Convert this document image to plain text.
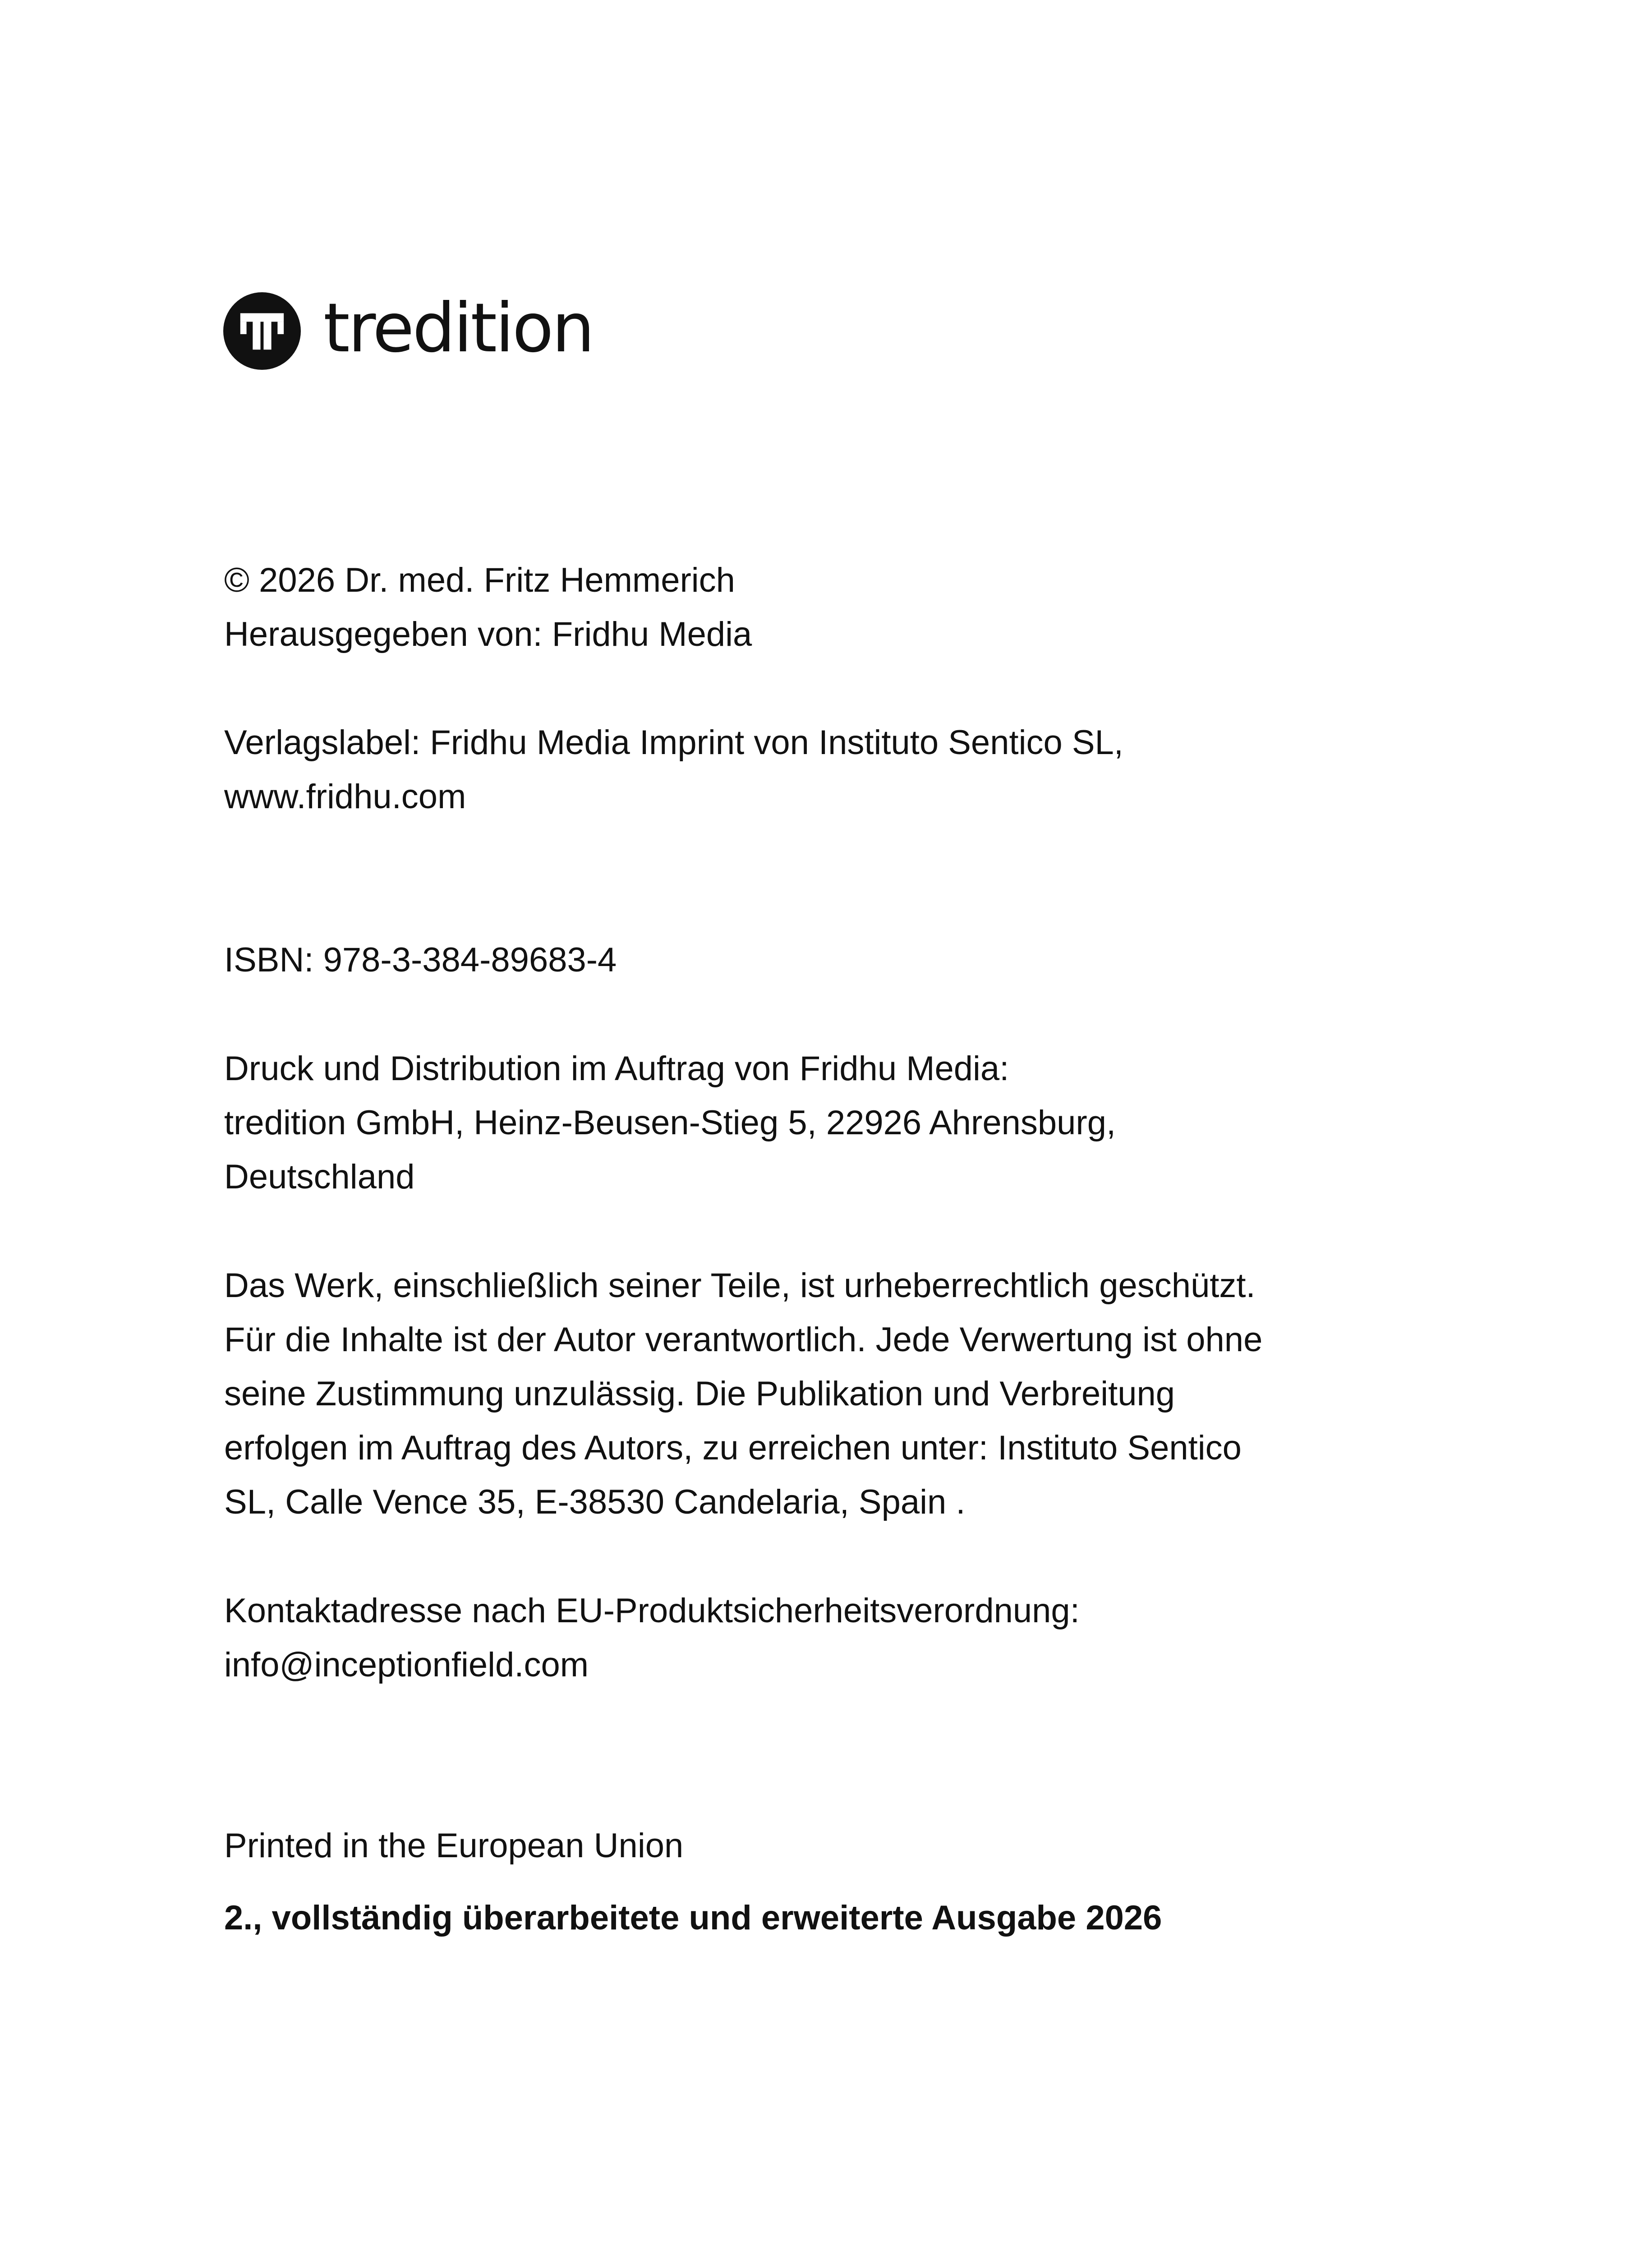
tredition

© 2026 Dr. med. Fritz Hemmerich
Herausgegeben von: Fridhu Media

Verlagslabel: Fridhu Media Imprint von Instituto Sentico SL,
www.fridhu.com

ISBN: 978-3-384-89683-4

Druck und Distribution im Auftrag von Fridhu Media:
tredition GmbH, Heinz-Beusen-Stieg 5, 22926 Ahrensburg,
Deutschland

Das Werk, einschließlich seiner Teile, ist urheberrechtlich geschützt.
Für die Inhalte ist der Autor verantwortlich. Jede Verwertung ist ohne
seine Zustimmung unzulässig. Die Publikation und Verbreitung
erfolgen im Auftrag des Autors, zu erreichen unter: Instituto Sentico
SL, Calle Vence 35, E-38530 Candelaria, Spain .

Kontaktadresse nach EU-Produktsicherheitsverordnung:
info@inceptionfield.com

Printed in the European Union

2., vollständig überarbeitete und erweiterte Ausgabe 2026
